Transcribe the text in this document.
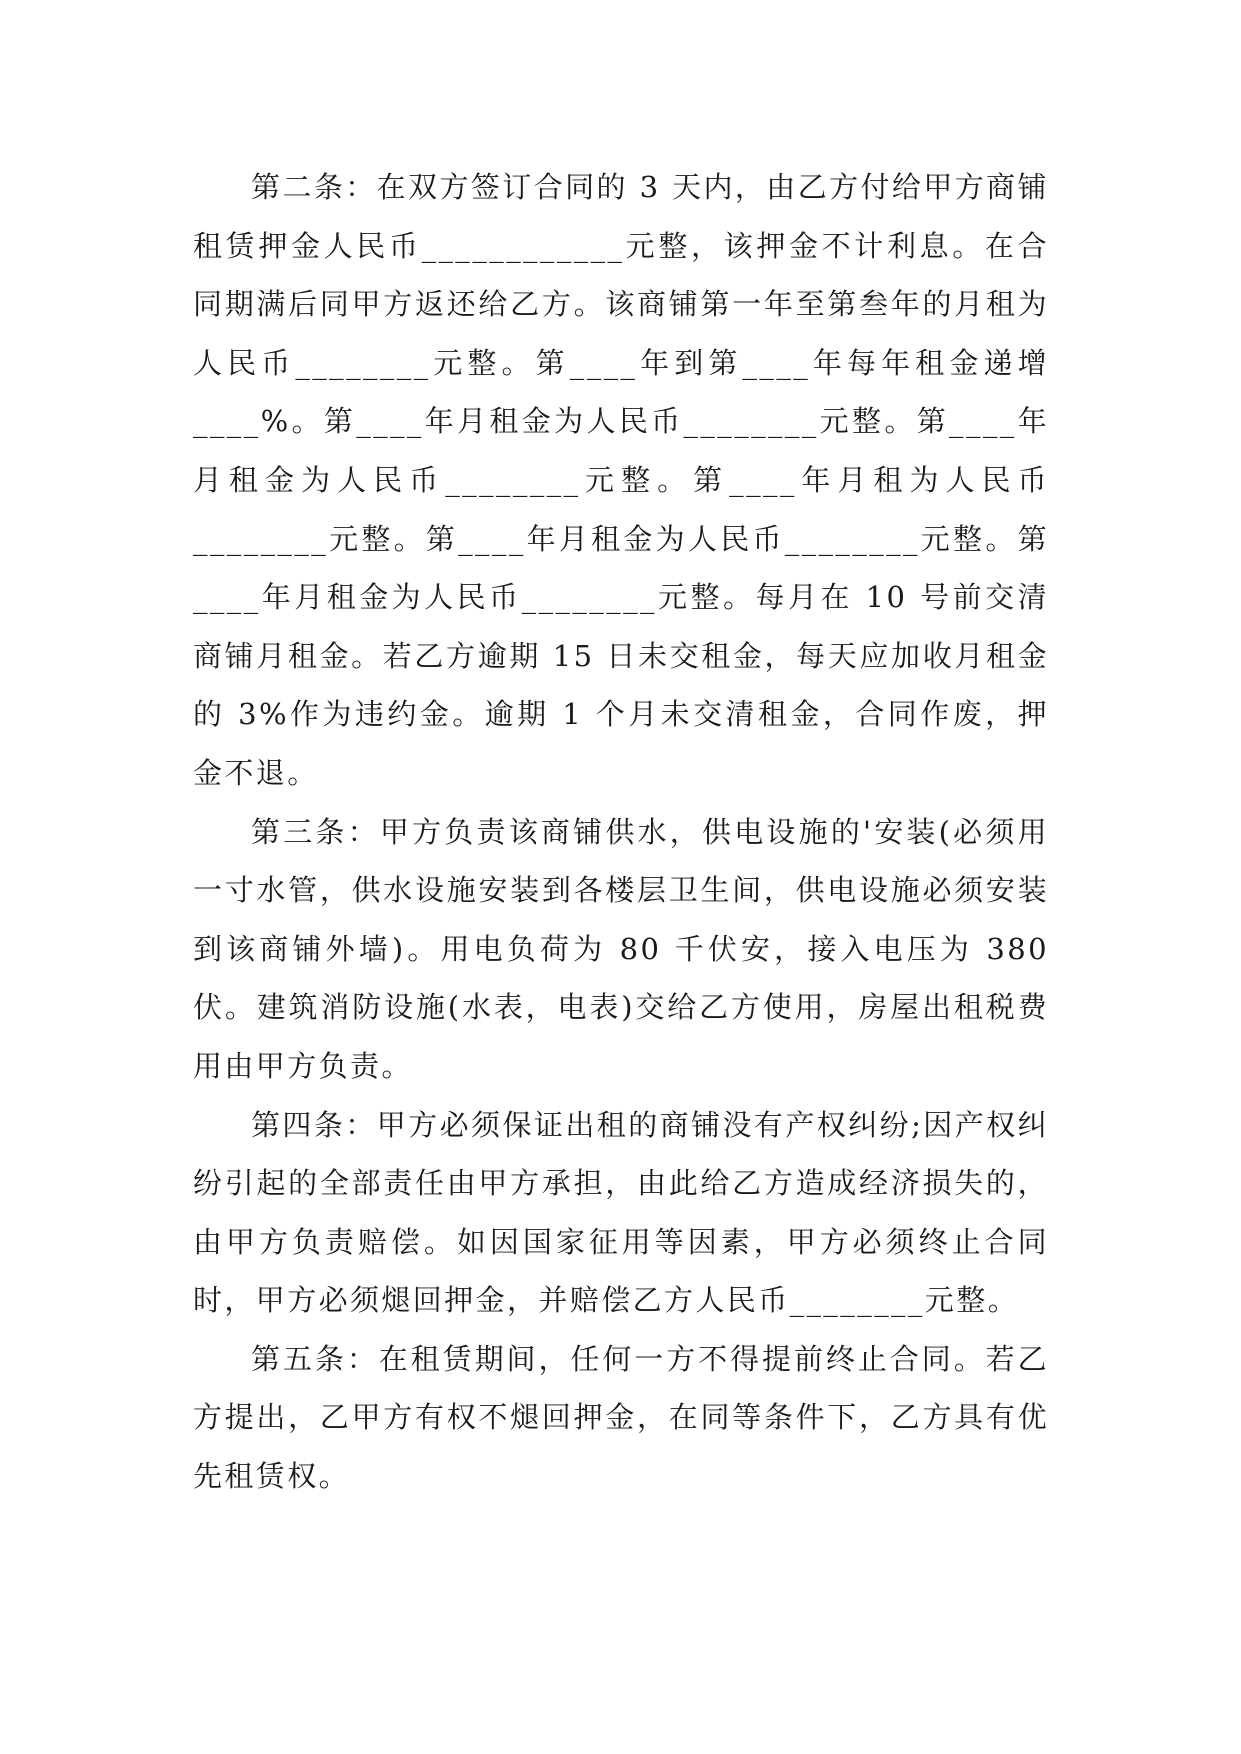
第二条：在双方签订合同的 3 天内，由乙方付给甲方商铺租赁押金人民币____________元整，该押金不计利息。在合同期满后同甲方返还给乙方。该商铺第一年至第叁年的月租为人民币________元整。第____年到第____年每年租金递增____%。第____年月租金为人民币________元整。第____年月租金为人民币________元整。第____年月租为人民币________元整。第____年月租金为人民币________元整。第____年月租金为人民币________元整。每月在 10 号前交清商铺月租金。若乙方逾期 15 日未交租金，每天应加收月租金的 3%作为违约金。逾期 1 个月未交清租金，合同作废，押金不退。

第三条：甲方负责该商铺供水，供电设施的'安装(必须用一寸水管，供水设施安装到各楼层卫生间，供电设施必须安装到该商铺外墙)。用电负荷为 80 千伏安，接入电压为 380 伏。建筑消防设施(水表，电表)交给乙方使用，房屋出租税费用由甲方负责。

第四条：甲方必须保证出租的商铺没有产权纠纷;因产权纠纷引起的全部责任由甲方承担，由此给乙方造成经济损失的，由甲方负责赔偿。如因国家征用等因素，甲方必须终止合同时，甲方必须煺回押金，并赔偿乙方人民币________元整。

第五条：在租赁期间，任何一方不得提前终止合同。若乙方提出，乙甲方有权不煺回押金，在同等条件下，乙方具有优先租赁权。
